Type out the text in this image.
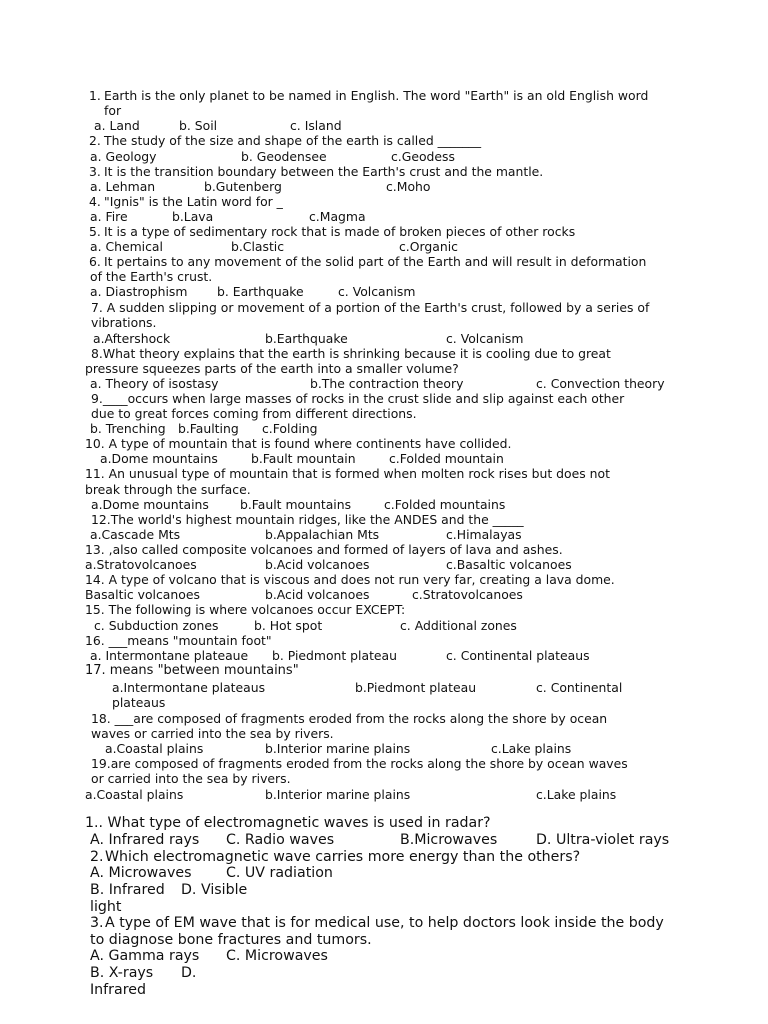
1. Earth is the only planet to be named in English. The word "Earth" is an old English word
for
a. Land	b. Soil	c. Island
2. The study of the size and shape of the earth is called _______
a. Geology	b. Geodensee	c.Geodess
3. It is the transition boundary between the Earth's crust and the mantle.
a. Lehman	b.Gutenberg	c.Moho
4. "Ignis" is the Latin word for _
a. Fire	b.Lava	c.Magma
5. It is a type of sedimentary rock that is made of broken pieces of other rocks
a. Chemical	b.Clastic	c.Organic
6. It pertains to any movement of the solid part of the Earth and will result in deformation
of the Earth's crust.
a. Diastrophism b. Earthquake	c. Volcanism
7. A sudden slipping or movement of a portion of the Earth's crust, followed by a series of
vibrations.
a.Aftershock	b.Earthquake	c. Volcanism
8.What theory explains that the earth is shrinking because it is cooling due to great
pressure squeezes parts of the earth into a smaller volume?
a. Theory of isostasy	b.The contraction theory	c. Convection theory
9.____occurs when large masses of rocks in the crust slide and slip against each other
due to great forces coming from different directions.
b. Trenching b.Faulting c.Folding
10. A type of mountain that is found where continents have collided.
a.Dome mountains	b.Fault mountain	c.Folded mountain
11. An unusual type of mountain that is formed when molten rock rises but does not
break through the surface.
a.Dome mountains	b.Fault mountains	c.Folded mountains
12.The world's highest mountain ridges, like the ANDES and the _____
a.Cascade Mts	b.Appalachian Mts	c.Himalayas
13. ,also called composite volcanoes and formed of layers of lava and ashes.
a.Stratovolcanoes	b.Acid volcanoes	c.Basaltic volcanoes
14. A type of volcano that is viscous and does not run very far, creating a lava dome.
Basaltic volcanoes	b.Acid volcanoes	c.Stratovolcanoes
15. The following is where volcanoes occur EXCEPT:
c. Subduction zones	b. Hot spot	c. Additional zones
16. ___means "mountain foot"
a. Intermontane plateaue b. Piedmont plateau	c. Continental plateaus
17. means "between mountains"
a.Intermontane plateaus	b.Piedmont plateau	c. Continental
plateaus
18. ___are composed of fragments eroded from the rocks along the shore by ocean
waves or carried into the sea by rivers.
a.Coastal plains	b.Interior marine plains	c.Lake plains
19.are composed of fragments eroded from the rocks along the shore by ocean waves
or carried into the sea by rivers.
a.Coastal plains	b.Interior marine plains	c.Lake plains
1.. What type of electromagnetic waves is used in radar?
A. Infrared rays C. Radio waves	B.Microwaves	D. Ultra-violet rays
2. Which electromagnetic wave carries more energy than the others?
A. Microwaves C. UV radiation
B. Infrared D. Visible
light
3. A type of EM wave that is for medical use, to help doctors look inside the body
to diagnose bone fractures and tumors.
A. Gamma rays C. Microwaves
B. X-rays D.
Infrared
